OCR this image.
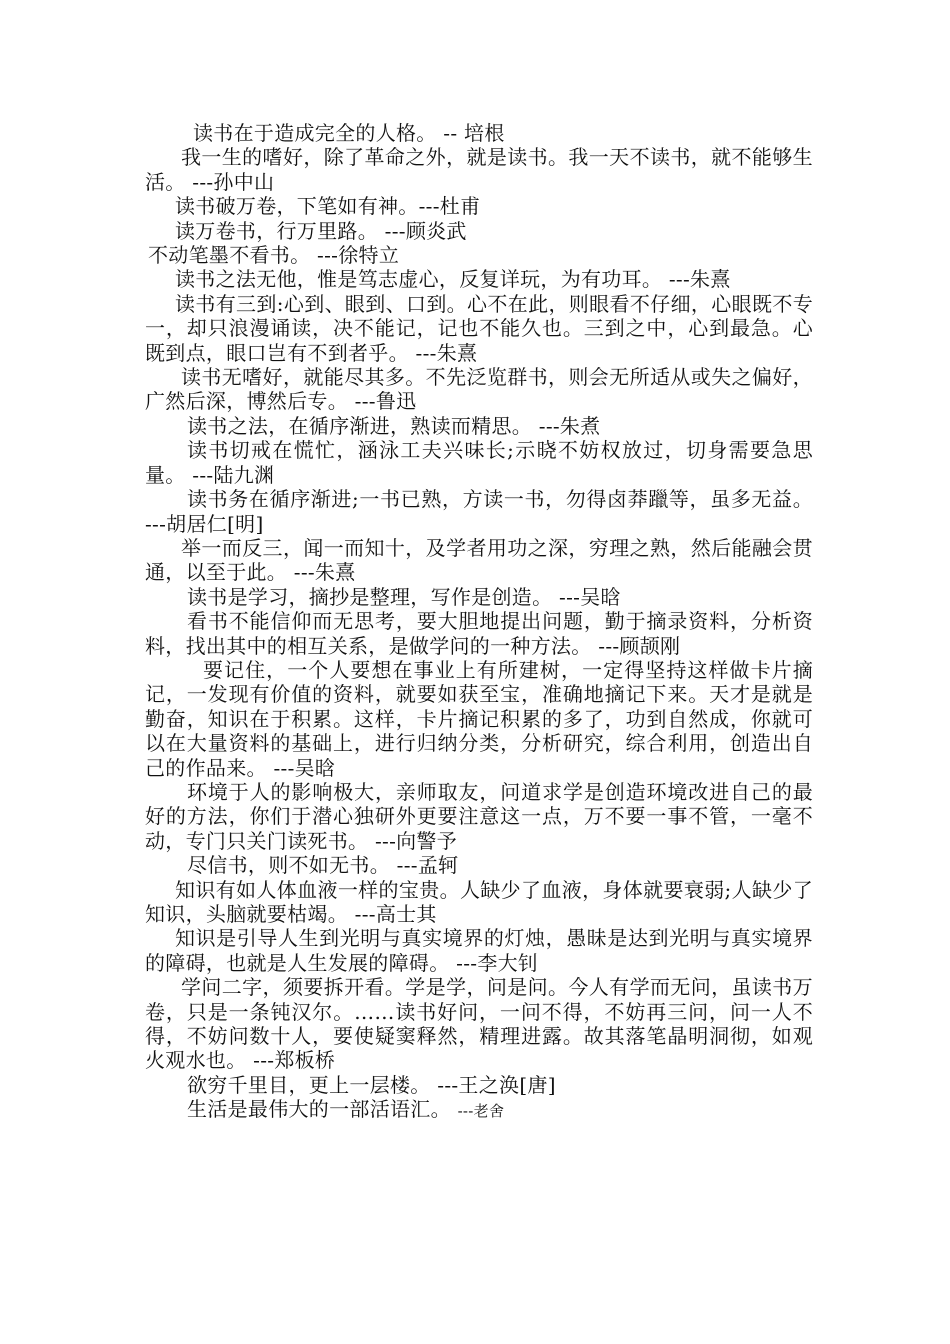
读书在于造成完全的人格。 -- 培根

我一生的嗜好，除了革命之外，就是读书。我一天不读书，就不能够生活。 ---孙中山

读书破万卷，下笔如有神。---杜甫

读万卷书，行万里路。 ---顾炎武

不动笔墨不看书。 ---徐特立

读书之法无他，惟是笃志虚心，反复详玩，为有功耳。 ---朱熹

读书有三到:心到、眼到、口到。心不在此，则眼看不仔细，心眼既不专一，却只浪漫诵读，决不能记，记也不能久也。三到之中，心到最急。心既到点，眼口岂有不到者乎。 ---朱熹

读书无嗜好，就能尽其多。不先泛览群书，则会无所适从或失之偏好，广然后深，博然后专。 ---鲁迅

读书之法，在循序渐进，熟读而精思。 ---朱煮

读书切戒在慌忙，涵泳工夫兴味长;示晓不妨权放过，切身需要急思量。 ---陆九渊

读书务在循序渐进;一书已熟，方读一书，勿得卤莽躐等，虽多无益。 ---胡居仁[明]

举一而反三，闻一而知十，及学者用功之深，穷理之熟，然后能融会贯通，以至于此。 ---朱熹

读书是学习，摘抄是整理，写作是创造。 ---吴晗

看书不能信仰而无思考，要大胆地提出问题，勤于摘录资料，分析资料，找出其中的相互关系，是做学问的一种方法。 ---顾颉刚

要记住，一个人要想在事业上有所建树，一定得坚持这样做卡片摘记，一发现有价值的资料，就要如获至宝，准确地摘记下来。天才是就是勤奋，知识在于积累。这样，卡片摘记积累的多了，功到自然成，你就可以在大量资料的基础上，进行归纳分类，分析研究，综合利用，创造出自己的作品来。 ---吴晗

环境于人的影响极大，亲师取友，问道求学是创造环境改进自己的最好的方法，你们于潜心独研外更要注意这一点，万不要一事不管，一毫不动，专门只关门读死书。 ---向警予

尽信书，则不如无书。 ---孟轲

知识有如人体血液一样的宝贵。人缺少了血液，身体就要衰弱;人缺少了知识，头脑就要枯竭。 ---高士其

知识是引导人生到光明与真实境界的灯烛，愚昧是达到光明与真实境界的障碍，也就是人生发展的障碍。 ---李大钊

学问二字，须要拆开看。学是学，问是问。今人有学而无问，虽读书万卷，只是一条钝汉尔。……读书好问，一问不得，不妨再三问，问一人不得，不妨问数十人，要使疑窦释然，精理进露。故其落笔晶明洞彻，如观火观水也。 ---郑板桥

欲穷千里目，更上一层楼。 ---王之涣[唐]

生活是最伟大的一部活语汇。 ---老舍
